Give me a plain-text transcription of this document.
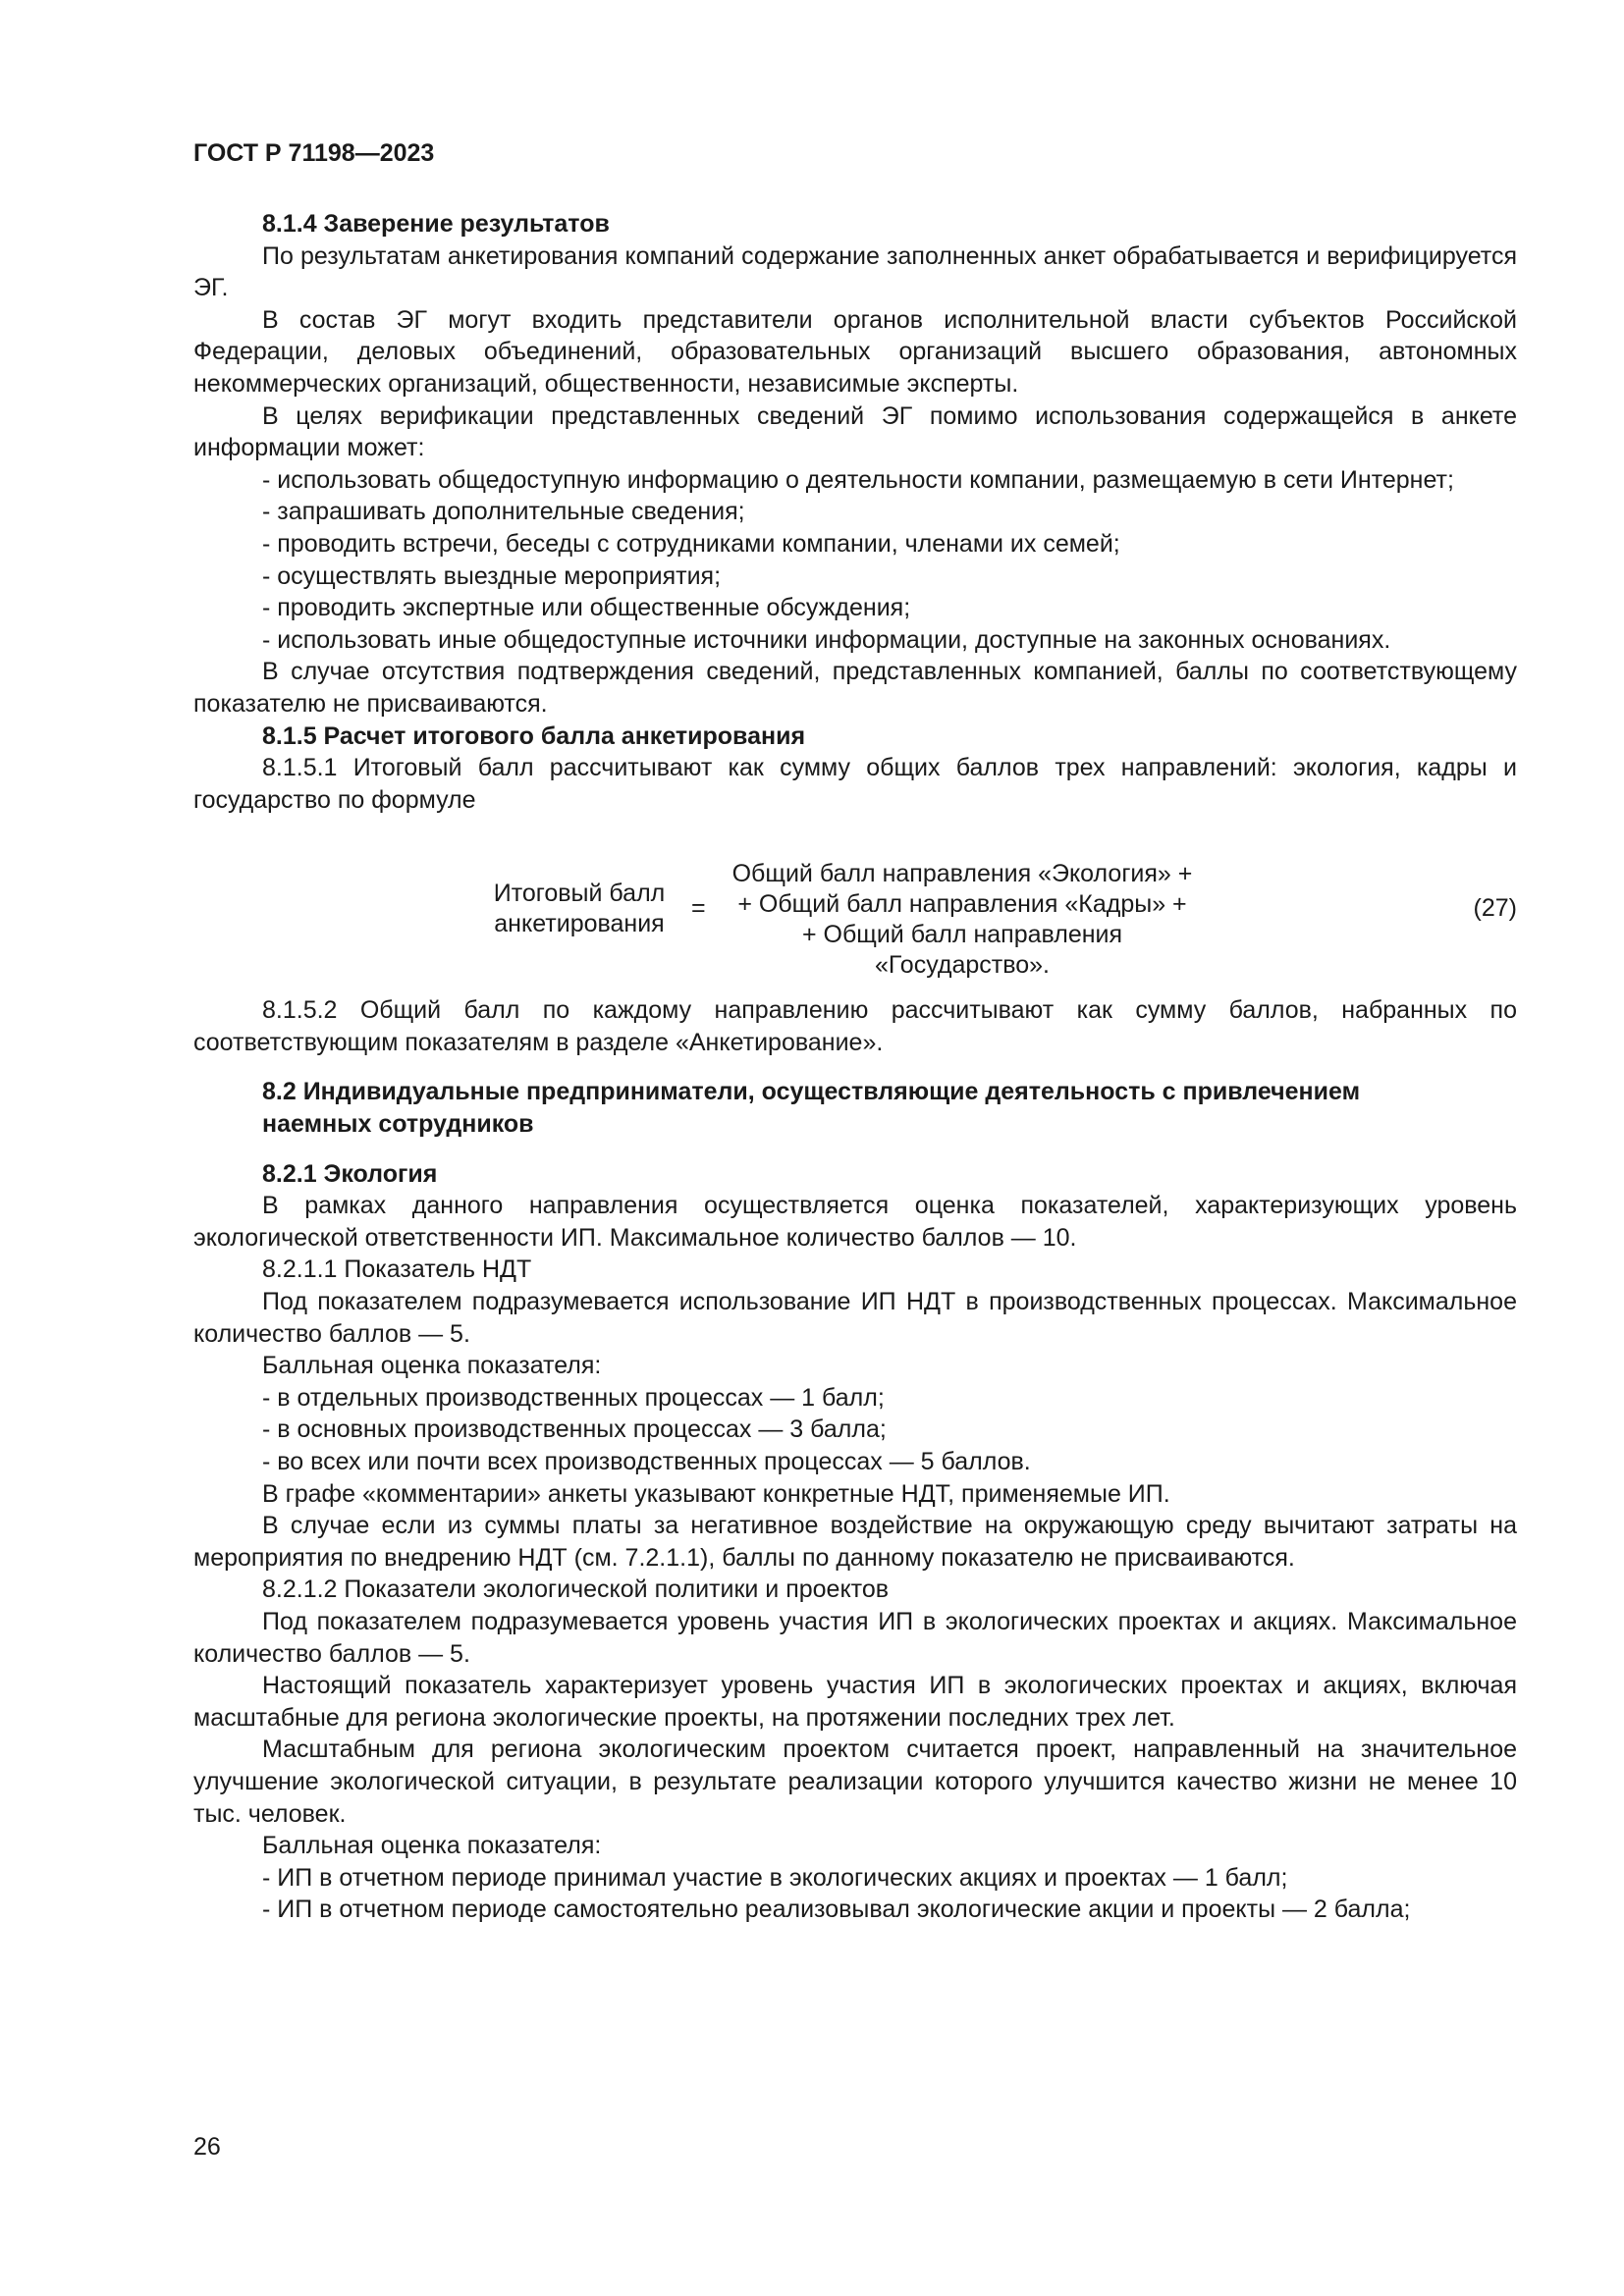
ГОСТ Р 71198—2023
8.1.4 Заверение результатов
По результатам анкетирования компаний содержание заполненных анкет обрабатывается и верифицируется ЭГ.
В состав ЭГ могут входить представители органов исполнительной власти субъектов Российской Федерации, деловых объединений, образовательных организаций высшего образования, автономных некоммерческих организаций, общественности, независимые эксперты.
В целях верификации представленных сведений ЭГ помимо использования содержащейся в анкете информации может:
- использовать общедоступную информацию о деятельности компании, размещаемую в сети Интернет;
- запрашивать дополнительные сведения;
- проводить встречи, беседы с сотрудниками компании, членами их семей;
- осуществлять выездные мероприятия;
- проводить экспертные или общественные обсуждения;
- использовать иные общедоступные источники информации, доступные на законных основаниях.
В случае отсутствия подтверждения сведений, представленных компанией, баллы по соответствующему показателю не присваиваются.
8.1.5 Расчет итогового балла анкетирования
8.1.5.1 Итоговый балл рассчитывают как сумму общих баллов трех направлений: экология, кадры и государство по формуле
Итоговый балл
анкетирования
=
Общий балл направления «Экология» +
+ Общий балл направления «Кадры» +
+ Общий балл направления «Государство».
(27)
8.1.5.2 Общий балл по каждому направлению рассчитывают как сумму баллов, набранных по соответствующим показателям в разделе «Анкетирование».
8.2 Индивидуальные предприниматели, осуществляющие деятельность с привлечением
наемных сотрудников
8.2.1 Экология
В рамках данного направления осуществляется оценка показателей, характеризующих уровень экологической ответственности ИП. Максимальное количество баллов — 10.
8.2.1.1 Показатель НДТ
Под показателем подразумевается использование ИП НДТ в производственных процессах. Максимальное количество баллов — 5.
Балльная оценка показателя:
- в отдельных производственных процессах — 1 балл;
- в основных производственных процессах — 3 балла;
- во всех или почти всех производственных процессах — 5 баллов.
В графе «комментарии» анкеты указывают конкретные НДТ, применяемые ИП.
В случае если из суммы платы за негативное воздействие на окружающую среду вычитают затраты на мероприятия по внедрению НДТ (см. 7.2.1.1), баллы по данному показателю не присваиваются.
8.2.1.2 Показатели экологической политики и проектов
Под показателем подразумевается уровень участия ИП в экологических проектах и акциях. Максимальное количество баллов — 5.
Настоящий показатель характеризует уровень участия ИП в экологических проектах и акциях, включая масштабные для региона экологические проекты, на протяжении последних трех лет.
Масштабным для региона экологическим проектом считается проект, направленный на значительное улучшение экологической ситуации, в результате реализации которого улучшится качество жизни не менее 10 тыс. человек.
Балльная оценка показателя:
- ИП в отчетном периоде принимал участие в экологических акциях и проектах — 1 балл;
- ИП в отчетном периоде самостоятельно реализовывал экологические акции и проекты — 2 балла;
26
